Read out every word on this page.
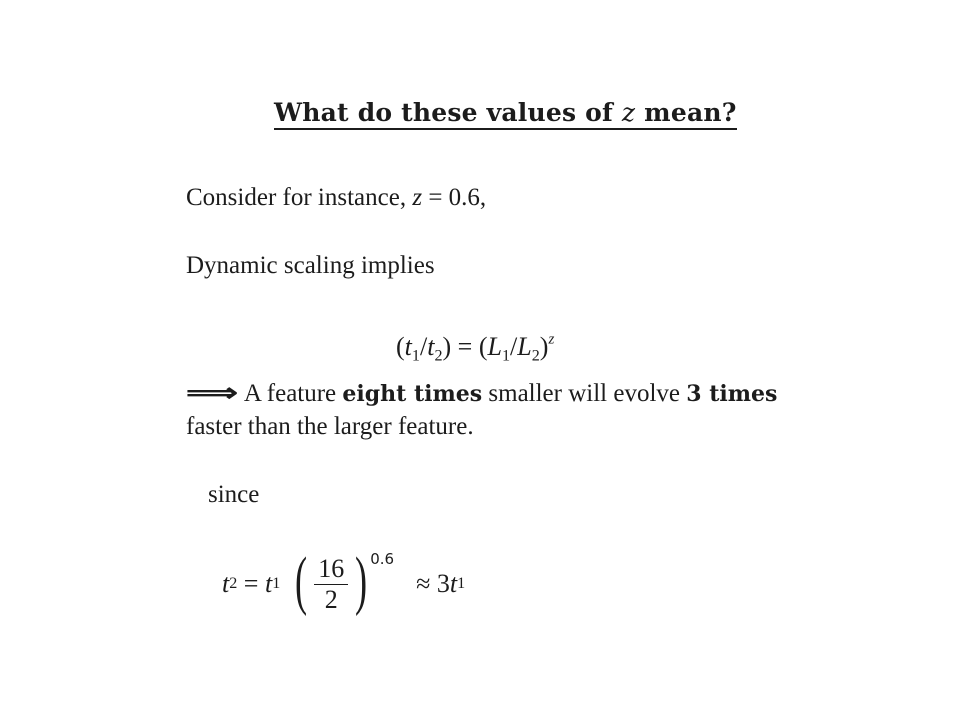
What do these values of z mean?
Consider for instance, z = 0.6,
Dynamic scaling implies
$(t_1/t_2) = (L_1/L_2)^z$
⟹ A feature eight times smaller will evolve 3 times
faster than the larger feature.
since
t 2 = t 1 ( $\frac{16}{2}$ ) 0.6
≈ 3 t 1
